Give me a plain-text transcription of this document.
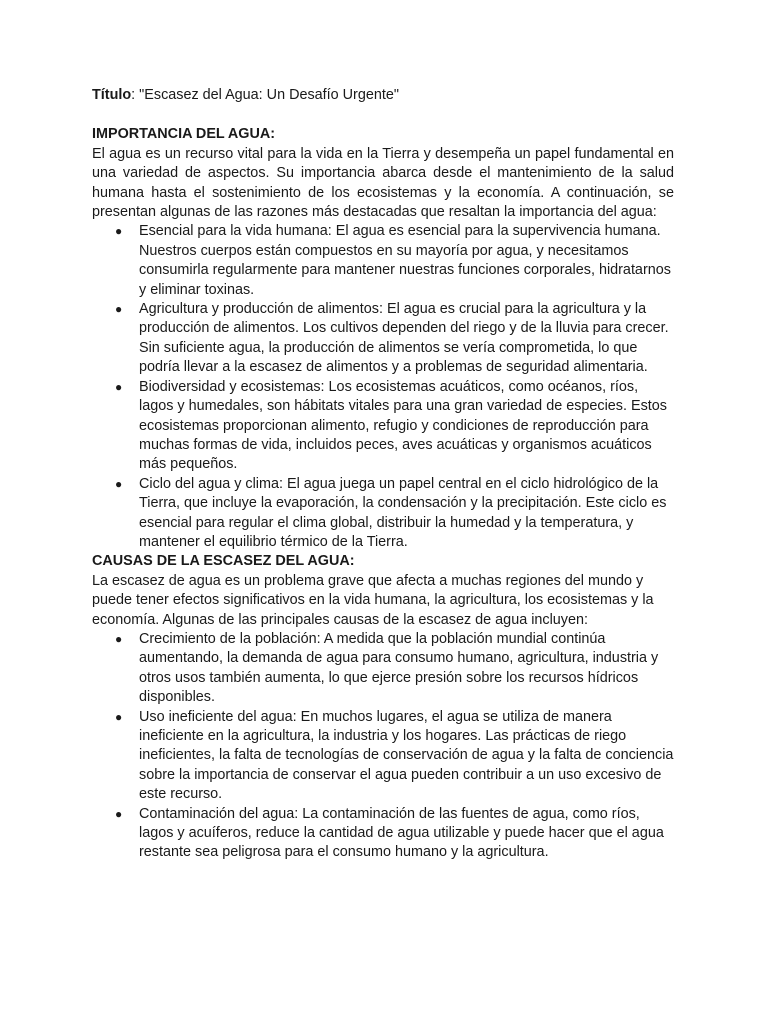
Título: "Escasez del Agua: Un Desafío Urgente"

IMPORTANCIA DEL AGUA:

El agua es un recurso vital para la vida en la Tierra y desempeña un papel fundamental en una variedad de aspectos. Su importancia abarca desde el mantenimiento de la salud humana hasta el sostenimiento de los ecosistemas y la economía. A continuación, se presentan algunas de las razones más destacadas que resaltan la importancia del agua:

● Esencial para la vida humana: El agua es esencial para la supervivencia humana. Nuestros cuerpos están compuestos en su mayoría por agua, y necesitamos consumirla regularmente para mantener nuestras funciones corporales, hidratarnos y eliminar toxinas.
● Agricultura y producción de alimentos: El agua es crucial para la agricultura y la producción de alimentos. Los cultivos dependen del riego y de la lluvia para crecer. Sin suficiente agua, la producción de alimentos se vería comprometida, lo que podría llevar a la escasez de alimentos y a problemas de seguridad alimentaria.
● Biodiversidad y ecosistemas: Los ecosistemas acuáticos, como océanos, ríos, lagos y humedales, son hábitats vitales para una gran variedad de especies. Estos ecosistemas proporcionan alimento, refugio y condiciones de reproducción para muchas formas de vida, incluidos peces, aves acuáticas y organismos acuáticos más pequeños.
● Ciclo del agua y clima: El agua juega un papel central en el ciclo hidrológico de la Tierra, que incluye la evaporación, la condensación y la precipitación. Este ciclo es esencial para regular el clima global, distribuir la humedad y la temperatura, y mantener el equilibrio térmico de la Tierra.

CAUSAS DE LA ESCASEZ DEL AGUA:

La escasez de agua es un problema grave que afecta a muchas regiones del mundo y puede tener efectos significativos en la vida humana, la agricultura, los ecosistemas y la economía. Algunas de las principales causas de la escasez de agua incluyen:

● Crecimiento de la población: A medida que la población mundial continúa aumentando, la demanda de agua para consumo humano, agricultura, industria y otros usos también aumenta, lo que ejerce presión sobre los recursos hídricos disponibles.
● Uso ineficiente del agua: En muchos lugares, el agua se utiliza de manera ineficiente en la agricultura, la industria y los hogares. Las prácticas de riego ineficientes, la falta de tecnologías de conservación de agua y la falta de conciencia sobre la importancia de conservar el agua pueden contribuir a un uso excesivo de este recurso.
● Contaminación del agua: La contaminación de las fuentes de agua, como ríos, lagos y acuíferos, reduce la cantidad de agua utilizable y puede hacer que el agua restante sea peligrosa para el consumo humano y la agricultura.
